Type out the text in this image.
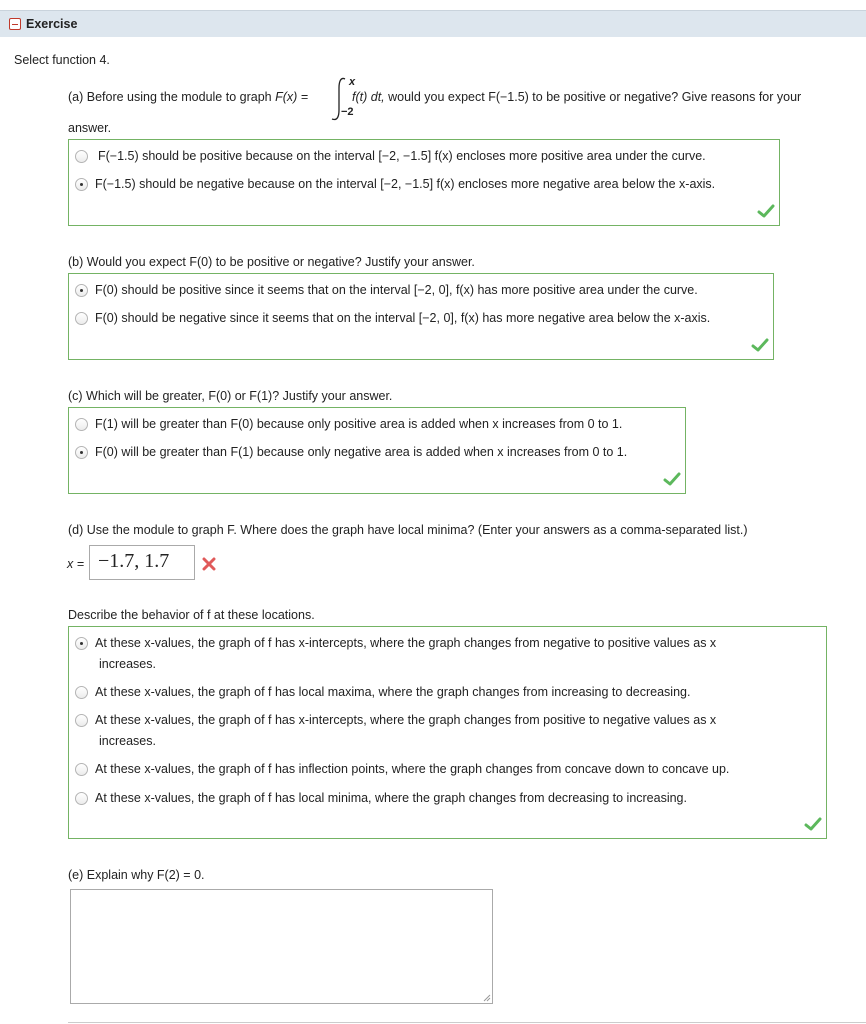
Exercise
Select function 4.
(a) Before using the module to graph F(x) =
x
−2
f(t) dt, would you expect F(−1.5) to be positive or negative? Give reasons for your
answer.
F(−1.5) should be positive because on the interval [−2, −1.5] f(x) encloses more positive area under the curve.
F(−1.5) should be negative because on the interval [−2, −1.5] f(x) encloses more negative area below the x-axis.
(b) Would you expect F(0) to be positive or negative? Justify your answer.
F(0) should be positive since it seems that on the interval [−2, 0], f(x) has more positive area under the curve.
F(0) should be negative since it seems that on the interval [−2, 0], f(x) has more negative area below the x-axis.
(c) Which will be greater, F(0) or F(1)? Justify your answer.
F(1) will be greater than F(0) because only positive area is added when x increases from 0 to 1.
F(0) will be greater than F(1) because only negative area is added when x increases from 0 to 1.
(d) Use the module to graph F. Where does the graph have local minima? (Enter your answers as a comma-separated list.)
x = −1.7, 1.7
Describe the behavior of f at these locations.
At these x-values, the graph of f has x-intercepts, where the graph changes from negative to positive values as x
increases.
At these x-values, the graph of f has local maxima, where the graph changes from increasing to decreasing.
At these x-values, the graph of f has x-intercepts, where the graph changes from positive to negative values as x
increases.
At these x-values, the graph of f has inflection points, where the graph changes from concave down to concave up.
At these x-values, the graph of f has local minima, where the graph changes from decreasing to increasing.
(e) Explain why F(2) = 0.
